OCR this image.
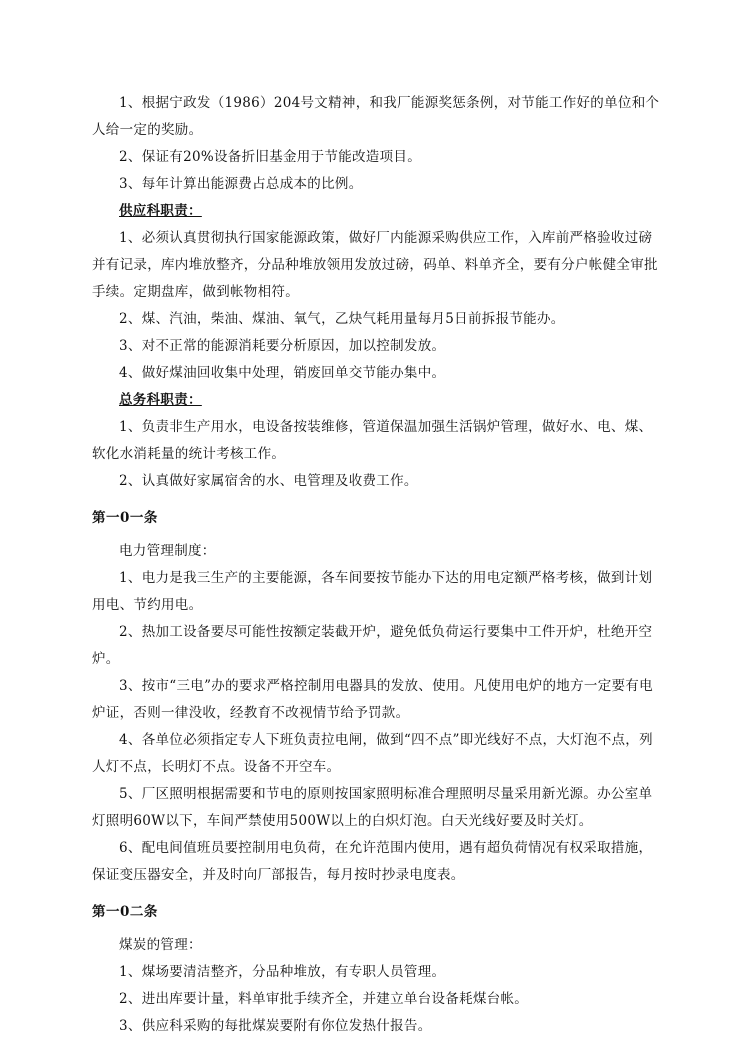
1、根据宁政发（1986）204号文精神，和我厂能源奖惩条例，对节能工作好的单位和个人给一定的奖励。

2、保证有20%设备折旧基金用于节能改造项目。

3、每年计算出能源费占总成本的比例。

供应科职责：

1、必须认真贯彻执行国家能源政策，做好厂内能源采购供应工作，入库前严格验收过磅并有记录，库内堆放整齐，分品种堆放领用发放过磅，码单、料单齐全，要有分户帐健全审批手续。定期盘库，做到帐物相符。

2、煤、汽油，柴油、煤油、氧气，乙炔气耗用量每月5日前拆报节能办。

3、对不正常的能源消耗要分析原因，加以控制发放。

4、做好煤油回收集中处理，销废回单交节能办集中。

总务科职责：

1、负责非生产用水，电设备按装维修，管道保温加强生活锅炉管理，做好水、电、煤、软化水消耗量的统计考核工作。

2、认真做好家属宿舍的水、电管理及收费工作。

第一0一条

电力管理制度：

1、电力是我三生产的主要能源，各车间要按节能办下达的用电定额严格考核，做到计划用电、节约用电。

2、热加工设备要尽可能性按额定装截开炉，避免低负荷运行要集中工件开炉，杜绝开空炉。

3、按市“三电”办的要求严格控制用电器具的发放、使用。凡使用电炉的地方一定要有电炉证，否则一律没收，经教育不改视情节给予罚款。

4、各单位必须指定专人下班负责拉电闸，做到“四不点”即光线好不点，大灯泡不点，列人灯不点，长明灯不点。设备不开空车。

5、厂区照明根据需要和节电的原则按国家照明标准合理照明尽量采用新光源。办公室单灯照明60W以下，车间严禁使用500W以上的白炽灯泡。白天光线好要及时关灯。

6、配电间值班员要控制用电负荷，在允许范围内使用，遇有超负荷情况有权采取措施，保证变压器安全，并及时向厂部报告，每月按时抄录电度表。

第一0二条

煤炭的管理：

1、煤场要清洁整齐，分品种堆放，有专职人员管理。

2、进出库要计量，料单审批手续齐全，并建立单台设备耗煤台帐。

3、供应科采购的每批煤炭要附有你位发热什报告。
